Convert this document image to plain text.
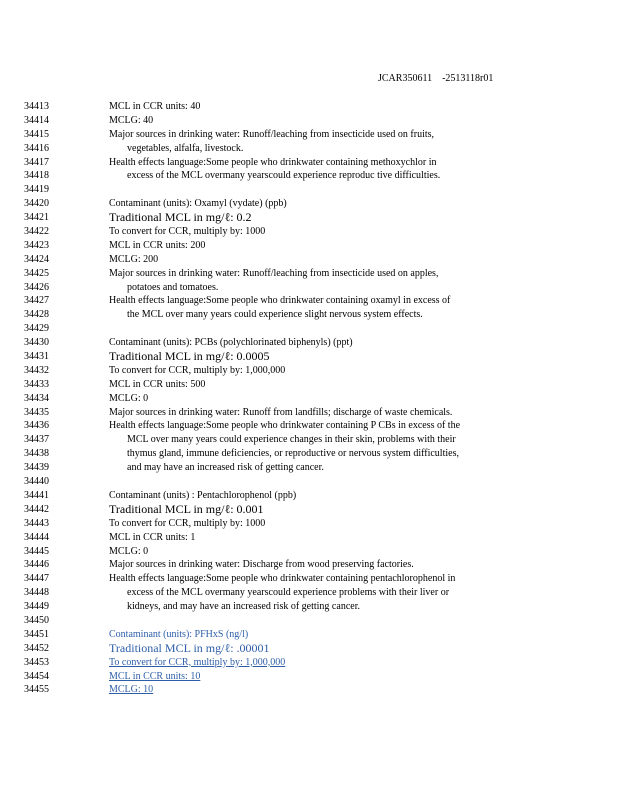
JCAR350611    -2513118r01
34413	MCL in CCR units: 40
34414	MCLG: 40
34415	Major sources in drinking water: Runoff/leaching from insecticide used on fruits,
34416	vegetables, alfalfa, livestock.
34417	Health effects language:Some people who drinkwater containing methoxychlor in
34418	excess of the MCL overmany yearscould experience reproduc tive difficulties.
34419
34420	Contaminant (units): Oxamyl (vydate) (ppb)
34421	Traditional MCL in mg/ℓ: 0.2
34422	To convert for CCR, multiply by: 1000
34423	MCL in CCR units: 200
34424	MCLG: 200
34425	Major sources in drinking water: Runoff/leaching from insecticide used on apples,
34426	potatoes and tomatoes.
34427	Health effects language:Some people who drinkwater containing oxamyl in excess of
34428	the MCL over many years could experience slight nervous system effects.
34429
34430	Contaminant (units): PCBs (polychlorinated biphenyls) (ppt)
34431	Traditional MCL in mg/ℓ: 0.0005
34432	To convert for CCR, multiply by: 1,000,000
34433	MCL in CCR units: 500
34434	MCLG: 0
34435	Major sources in drinking water: Runoff from landfills; discharge of waste chemicals.
34436	Health effects language:Some people who drinkwater containing P CBs in excess of the
34437	MCL over many years could experience changes in their skin, problems with their
34438	thymus gland, immune deficiencies, or reproductive or nervous system difficulties,
34439	and may have an increased risk of getting cancer.
34440
34441	Contaminant (units) : Pentachlorophenol (ppb)
34442	Traditional MCL in mg/ℓ: 0.001
34443	To convert for CCR, multiply by: 1000
34444	MCL in CCR units: 1
34445	MCLG: 0
34446	Major sources in drinking water: Discharge from wood preserving factories.
34447	Health effects language:Some people who drinkwater containing pentachlorophenol in
34448	excess of the MCL overmany yearscould experience problems with their liver or
34449	kidneys, and may have an increased risk of getting cancer.
34450
34451	Contaminant (units): PFHxS (ng/l)
34452	Traditional MCL in mg/ℓ: .00001
34453	To convert for CCR, multiply by: 1,000,000
34454	MCL in CCR units: 10
34455	MCLG: 10
